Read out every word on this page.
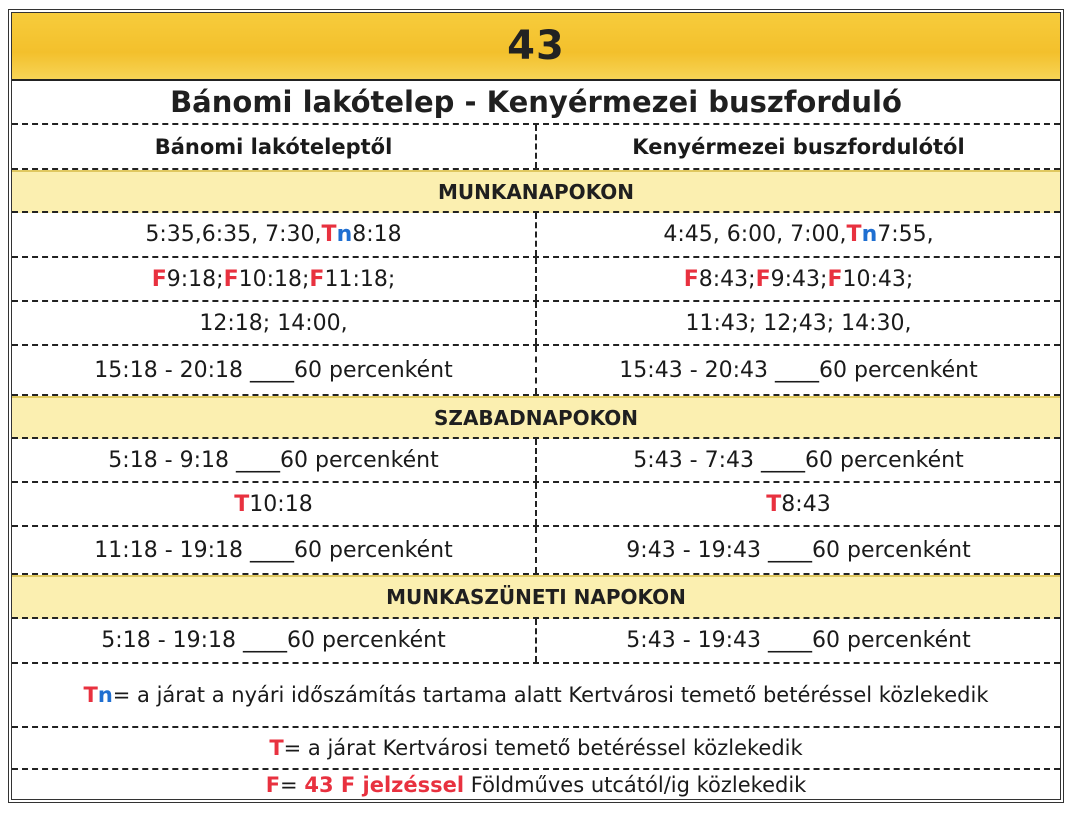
43
Bánomi lakótelep - Kenyérmezei buszforduló
Bánomi lakóteleptől	Kenyérmezei buszfordulótól
MUNKANAPOKON
5:35,6:35, 7:30, T n 8:18	4:45, 6:00, 7:00, T n 7:55,
F 9:18; F 10:18; F 11:18;	F 8:43; F 9:43; F 10:43;
12:18; 14:00,	11:43; 12;43; 14:30,
15:18 - 20:18 ____60 percenként	15:43 - 20:43 ____60 percenként
SZABADNAPOKON
5:18 - 9:18 ____60 percenként	5:43 - 7:43 ____60 percenként
T 10:18	T 8:43
11:18 - 19:18 ____60 percenként	9:43 - 19:43 ____60 percenként
MUNKASZÜNETI NAPOKON
5:18 - 19:18 ____60 percenként	5:43 - 19:43 ____60 percenként
Tn= a járat a nyári időszámítás tartama alatt Kertvárosi temető betéréssel közlekedik
T= a járat Kertvárosi temető betéréssel közlekedik
F= 43 F jelzéssel Földműves utcától/ig közlekedik
